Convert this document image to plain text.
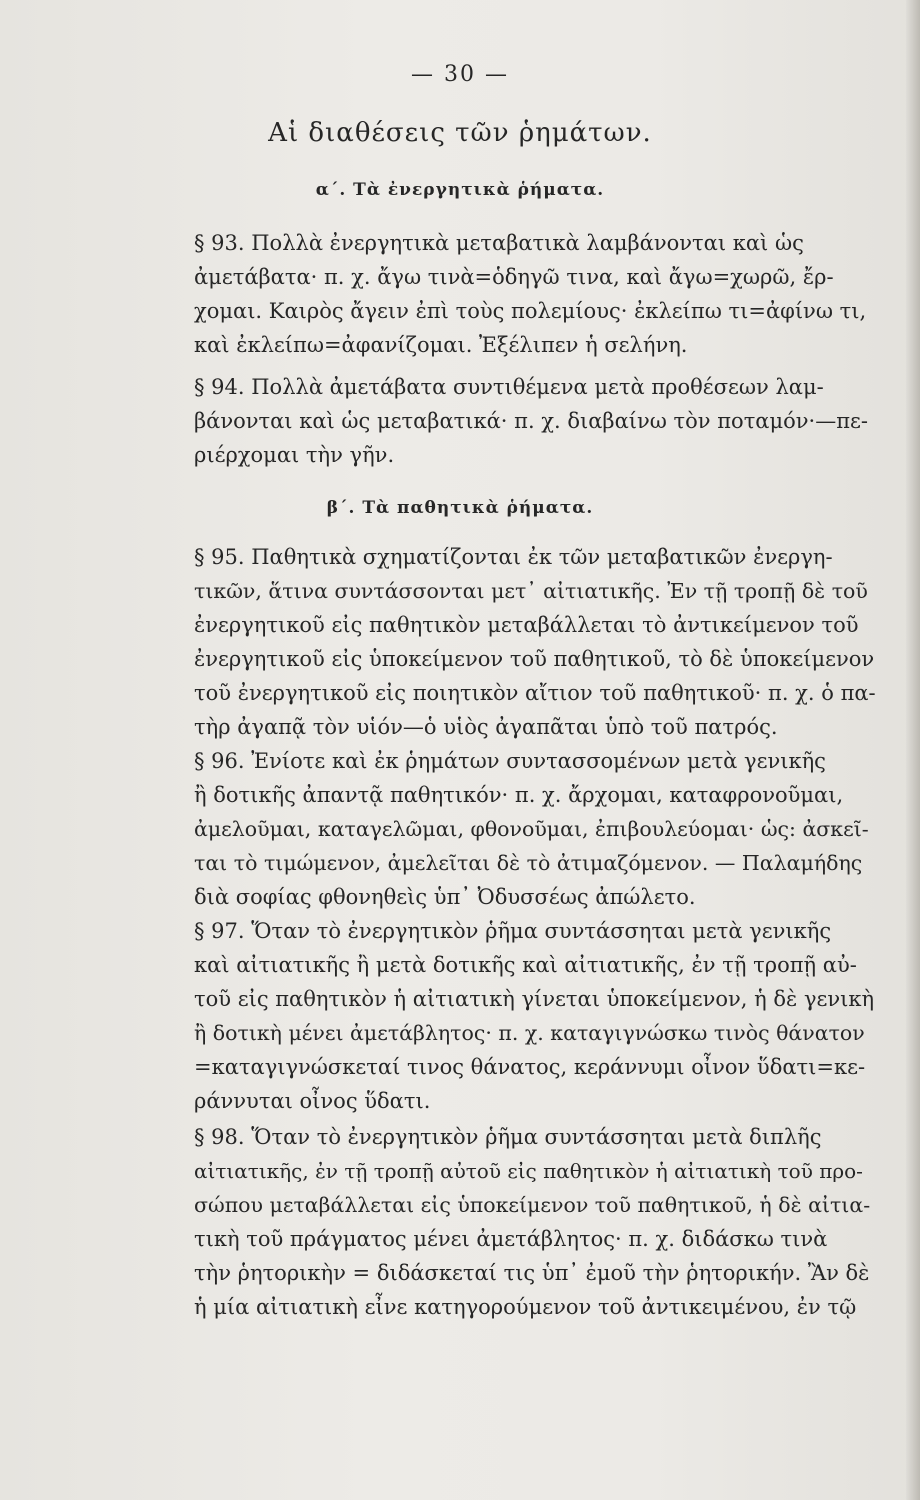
— 30 —
Αἱ διαθέσεις τῶν ῥημάτων.
α΄. Τὰ ἐνεργητικὰ ῥήματα.
§ 93. Πολλὰ ἐνεργητικὰ μεταβατικὰ λαμβάνονται καὶ ὡς
ἀμετάβατα· π. χ. ἄγω τινὰ=ὁδηγῶ τινα, καὶ ἄγω=χωρῶ, ἔρ-
χομαι. Καιρὸς ἄγειν ἐπὶ τοὺς πολεμίους· ἐκλείπω τι=ἀφίνω τι,
καὶ ἐκλείπω=ἀφανίζομαι. Ἐξέλιπεν ἡ σελήνη.
§ 94. Πολλὰ ἀμετάβατα συντιθέμενα μετὰ προθέσεων λαμ-
βάνονται καὶ ὡς μεταβατικά· π. χ. διαβαίνω τὸν ποταμόν·—πε-
ριέρχομαι τὴν γῆν.
β΄. Τὰ παθητικὰ ῥήματα.
§ 95. Παθητικὰ σχηματίζονται ἐκ τῶν μεταβατικῶν ἐνεργη-
τικῶν, ἅτινα συντάσσονται μετ᾽ αἰτιατικῆς. Ἐν τῇ τροπῇ δὲ τοῦ
ἐνεργητικοῦ εἰς παθητικὸν μεταβάλλεται τὸ ἀντικείμενον τοῦ
ἐνεργητικοῦ εἰς ὑποκείμενον τοῦ παθητικοῦ, τὸ δὲ ὑποκείμενον
τοῦ ἐνεργητικοῦ εἰς ποιητικὸν αἴτιον τοῦ παθητικοῦ· π. χ. ὁ πα-
τὴρ ἀγαπᾷ τὸν υἱόν—ὁ υἱὸς ἀγαπᾶται ὑπὸ τοῦ πατρός.
§ 96. Ἐνίοτε καὶ ἐκ ῥημάτων συντασσομένων μετὰ γενικῆς
ἢ δοτικῆς ἀπαντᾷ παθητικόν· π. χ. ἄρχομαι, καταφρονοῦμαι,
ἀμελοῦμαι, καταγελῶμαι, φθονοῦμαι, ἐπιβουλεύομαι· ὡς: ἀσκεῖ-
ται τὸ τιμώμενον, ἀμελεῖται δὲ τὸ ἀτιμαζόμενον. — Παλαμήδης
διὰ σοφίας φθονηθεὶς ὑπ᾽ Ὀδυσσέως ἀπώλετο.
§ 97. Ὅταν τὸ ἐνεργητικὸν ῥῆμα συντάσσηται μετὰ γενικῆς
καὶ αἰτιατικῆς ἢ μετὰ δοτικῆς καὶ αἰτιατικῆς, ἐν τῇ τροπῇ αὐ-
τοῦ εἰς παθητικὸν ἡ αἰτιατικὴ γίνεται ὑποκείμενον, ἡ δὲ γενικὴ
ἢ δοτικὴ μένει ἀμετάβλητος· π. χ. καταγιγνώσκω τινὸς θάνατον
=καταγιγνώσκεταί τινος θάνατος, κεράννυμι οἶνον ὕδατι=κε-
ράννυται οἶνος ὕδατι.
§ 98. Ὅταν τὸ ἐνεργητικὸν ῥῆμα συντάσσηται μετὰ διπλῆς
αἰτιατικῆς, ἐν τῇ τροπῇ αὐτοῦ εἰς παθητικὸν ἡ αἰτιατικὴ τοῦ προ-
σώπου μεταβάλλεται εἰς ὑποκείμενον τοῦ παθητικοῦ, ἡ δὲ αἰτια-
τικὴ τοῦ πράγματος μένει ἀμετάβλητος· π. χ. διδάσκω τινὰ
τὴν ῥητορικὴν = διδάσκεταί τις ὑπ᾽ ἐμοῦ τὴν ῥητορικήν. Ἂν δὲ
ἡ μία αἰτιατικὴ εἶνε κατηγορούμενον τοῦ ἀντικειμένου, ἐν τῷ
